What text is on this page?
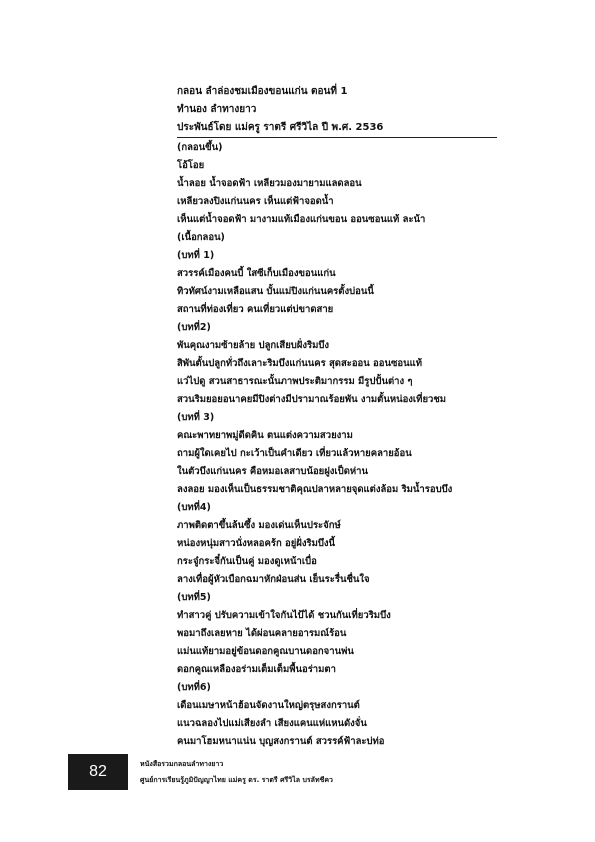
กลอน ลำล่องชมเมืองขอนแก่น ตอนที่ 1
ทำนอง ลำทางยาว
ประพันธ์โดย แม่ครู ราตรี ศรีวิไล ปี พ.ศ. 2536
(กลอนขึ้น)
โอ้โอย
น้ำลอย น้ำจอดฟ้า เหลียวมองมายามแลดลอน
เหลียวลงปิงแก่นนคร เห็นแต่ฟ้าจอดน้ำ
เห็นแต่น้ำจอดฟ้า มางามแท้เมืองแก่นขอน ออนซอนแท้ ละน้า
(เนื้อกลอน)
(บทที่ 1)
สวรรค์เมืองคนบี้ ใสซีเก็บเมืองขอนแก่น
ทิวทัศน์งามเหลือแสน บั้นแม่ปิงแก่นนครตั้งบ่อนนี้
สถานที่ท่องเที่ยว คนเที่ยวแต่บ่ขาดสาย
(บทที่2)
พันคุณงามซ้ายล้าย ปลูกเสียบฝั่งริมบึง
สิพันตั้นปลูกทั่วถึงเลาะริมบึงแก่นนคร สุดสะออน ออนซอนแท้
แว่ไปดู สวนสาธารณะนั้นภาพประติมากรรม มีรูปปั้นต่าง ๆ
สวนริมยอยอนาคยมีปิงต่างมีปรามาณร้อยพัน งามตั้นหน่องเที่ยวชม
(บทที่ 3)
คณะพาทยาพมู่ดีดคิน ตนแต่งความสวยงาม
ถามผู้ใดเคยไป กะเว้าเป็นคำเดียว เที่ยวแล้วหายคลายอ้อน
ในตัวบึงแก่นนคร คือหมอเลสาบน้อยฝูงเป็ดห่าน
ลงลอย มองเห็นเป็นธรรมชาติคุณปลาหลายจุดแต่งล้อม ริมน้ำรอบบึง
(บทที่4)
ภาพติดตาขึ้นล้นซึ้ง มองเด่นเห็นประจักษ์
หน่องหนุ่มสาวนั่งหลอคร้ก อยู่ฝั่งริมบึงนี้
กระจู๋กระจี๋กันเป็นคู่ มองดูเหน้าเบื่อ
ลางเทื่อผู้หัวเบือกฉมาหักฝ่อนส่น เย็นระรื่นชื่นใจ
(บทที่5)
ทำสาวคู่ ปรับความเข้าใจกันไป้ได้ ชวนกันเที่ยวริมบึง
พอมาถึงเลยหาย ได้ผ่อนคลายอารมณ์ร้อน
แม่นแท้ยามอยู่ข้อนดอกคูณบานดอกจานพ่น
ดอกคูณเหลืองอร่ามเต็มเต็มพื้นอร่ามตา
(บทที่6)
เดือนเมษาหน้าฮ้อนจัดงานใหญ่ตรุษสงกรานต์
แนวฉลองไปแม่เสียงลำ เสียงแคนแห่แหนดังจั่น
คนมาโฮมหนาแน่น บุญสงกรานต์ สวรรค์ฟ้าละบ่ท่อ
82	หนังสือรวมกลอนลำทางยาว
ศูนย์การเรียนรู้ภูมิปัญญาไทย แม่ครู ดร. ราตรี ศรีวิไล บรลัทชีคว
